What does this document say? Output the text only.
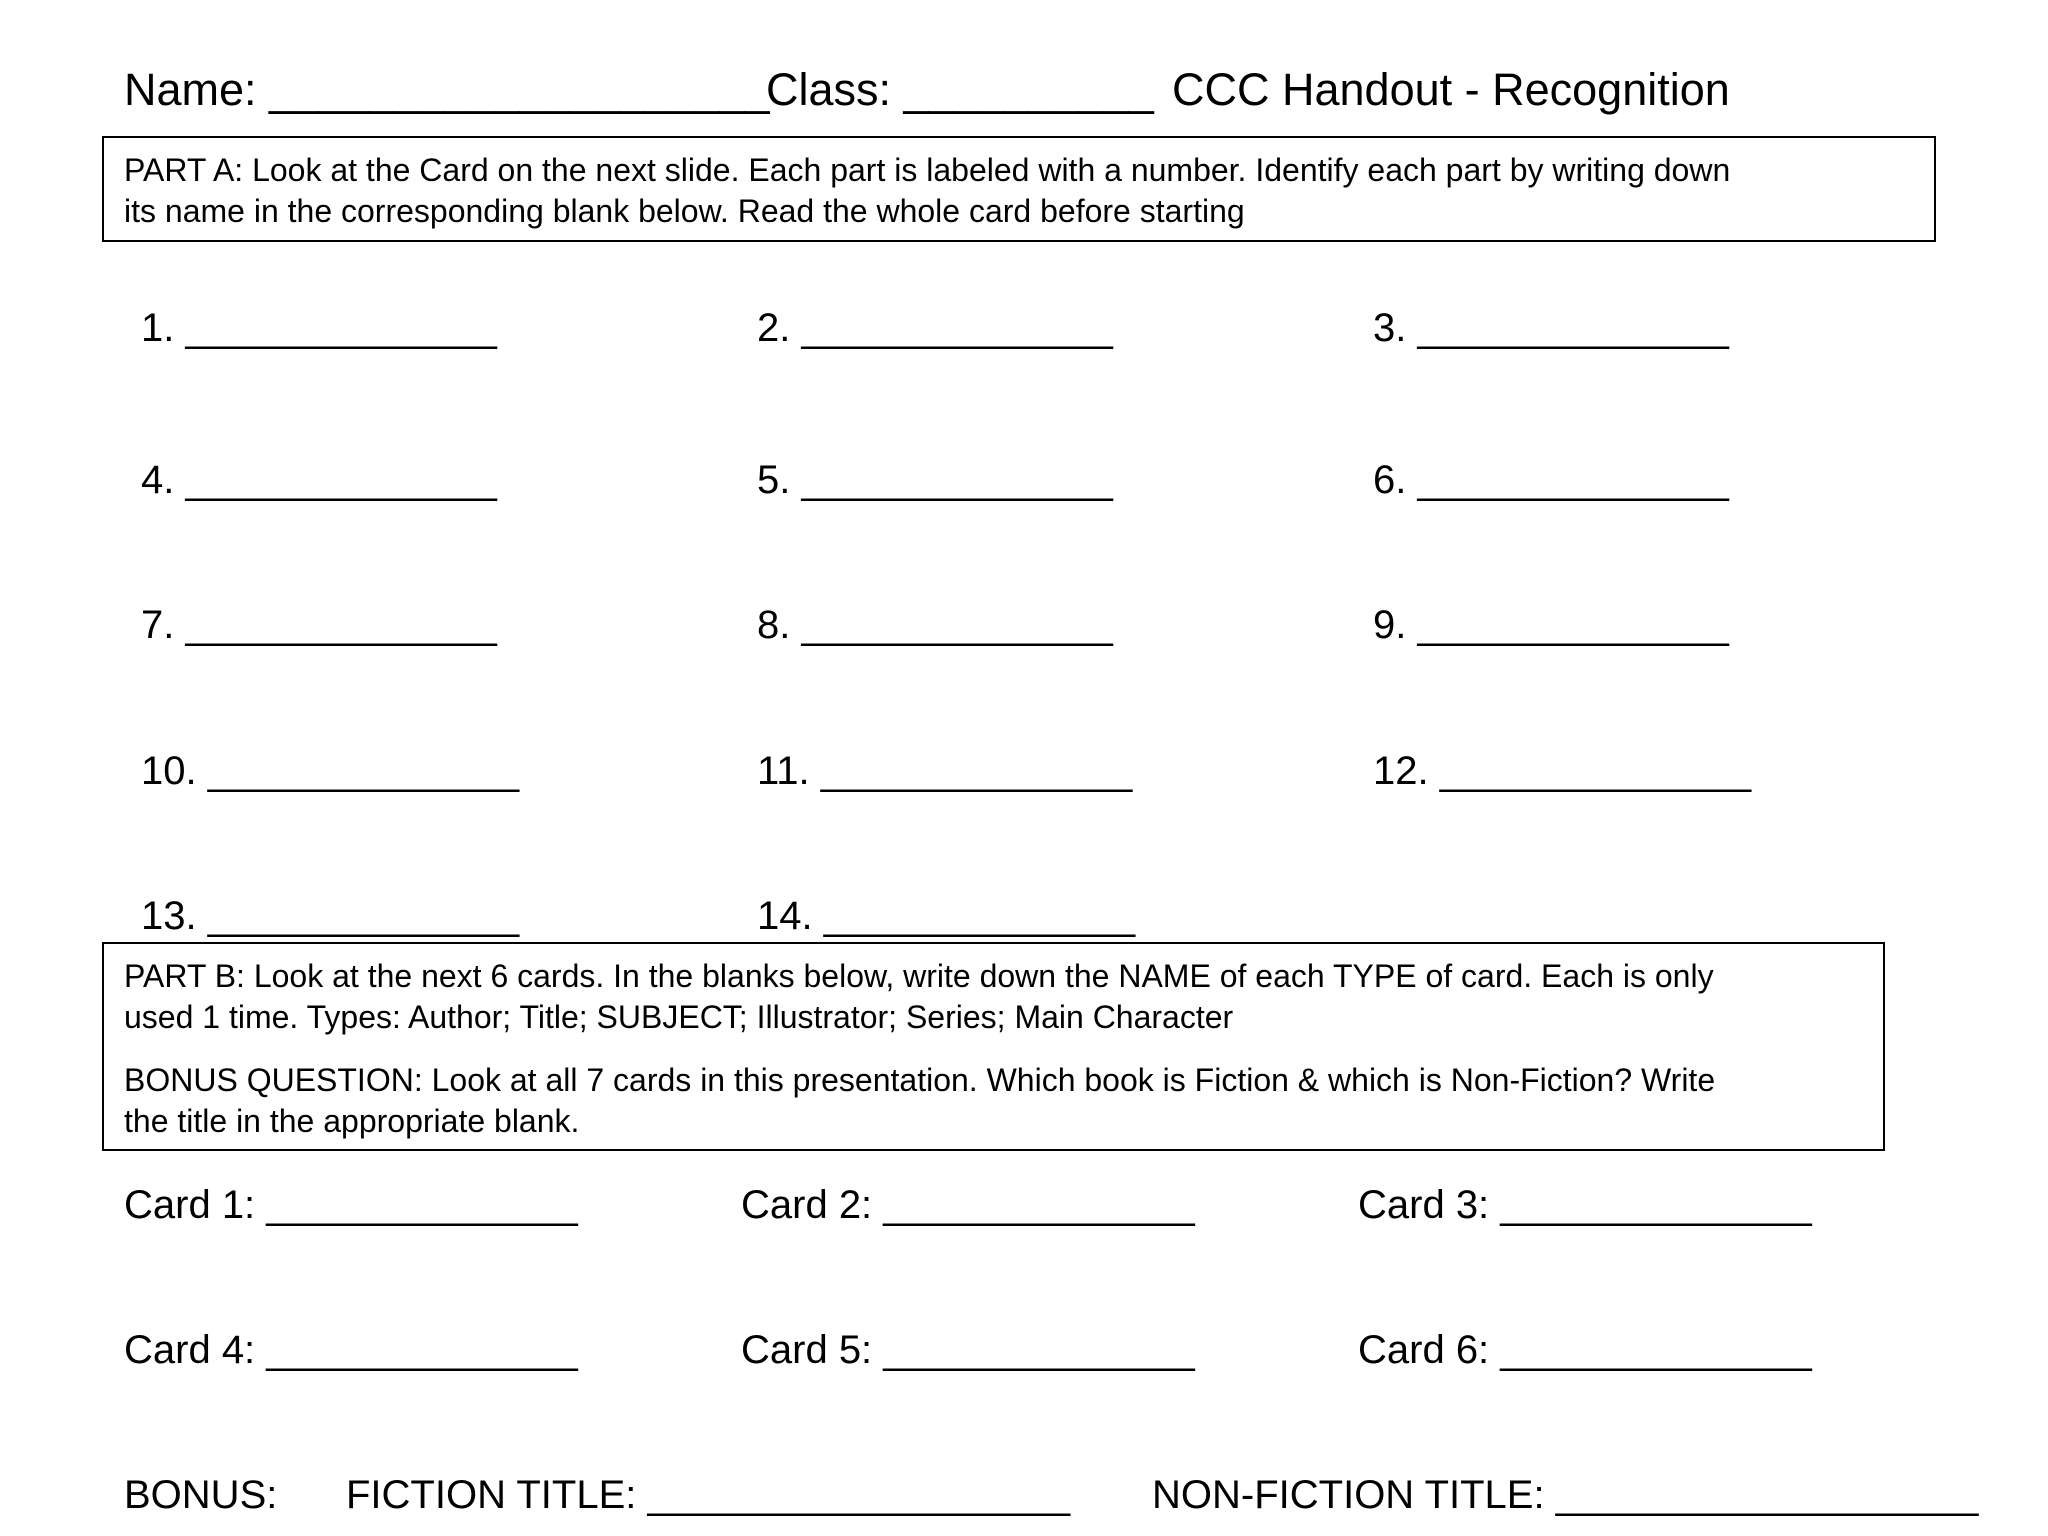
Name: ____________________
Class: __________ CCC Handout - Recognition
PART A: Look at the Card on the next slide. Each part is labeled with a number. Identify each part by writing down
its name in the corresponding blank below. Read the whole card before starting
1. ______________	2. ______________	3. ______________
4. ______________	5. ______________	6. ______________
7. ______________	8. ______________	9. ______________
10. ______________	11. ______________	12. ______________
13. ______________	14. ______________
PART B: Look at the next 6 cards. In the blanks below, write down the NAME of each TYPE of card. Each is only
used 1 time. Types: Author; Title; SUBJECT; Illustrator; Series; Main Character
BONUS QUESTION: Look at all 7 cards in this presentation. Which book is Fiction & which is Non-Fiction? Write
the title in the appropriate blank.
Card 1: ______________	Card 2: ______________	Card 3: ______________
Card 4: ______________	Card 5: ______________	Card 6: ______________
BONUS: FICTION TITLE: ___________________ NON-FICTION TITLE: ___________________
